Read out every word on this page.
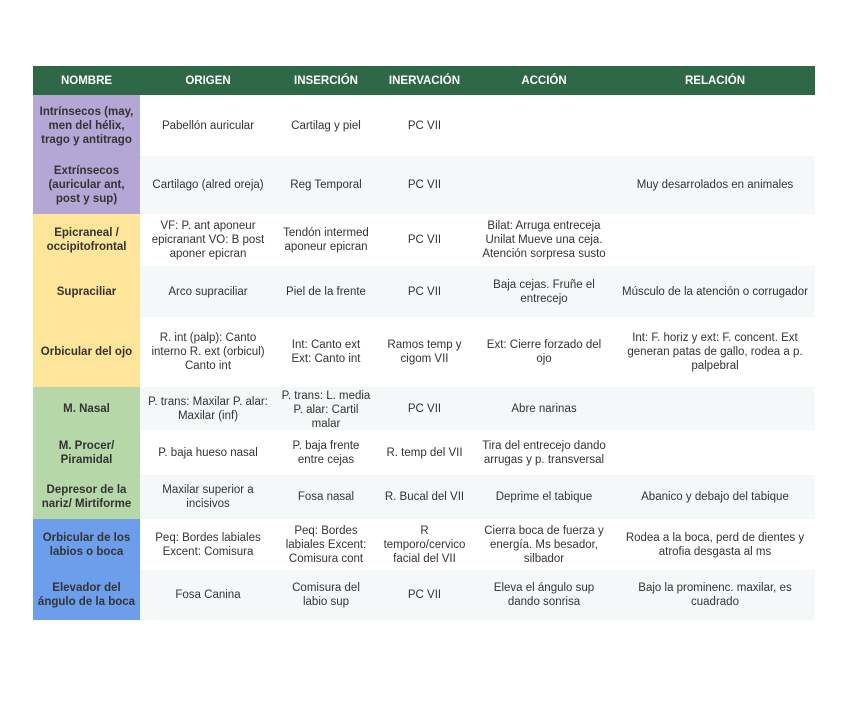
NOMBRE	ORIGEN	INSERCIÓN	INERVACIÓN	ACCIÓN	RELACIÓN

Intrínsecos (may, men del hélix, trago y antitrago	Pabellón auricular	Cartilag y piel	PC VII		

Extrínsecos (auricular ant, post y sup)	Cartilago (alred oreja)	Reg Temporal	PC VII		Muy desarrolados en animales

Epicraneal / occipitofrontal	VF: P. ant aponeur epicranant VO: B post aponer epicran	Tendón intermed aponeur epicran	PC VII	Bilat: Arruga entreceja Unilat Mueve una ceja. Atención sorpresa susto	

Supraciliar	Arco supraciliar	Piel de la frente	PC VII	Baja cejas. Fruñe el entrecejo	Músculo de la atención o corrugador

Orbicular del ojo	R. int (palp): Canto interno R. ext (orbicul) Canto int	Int: Canto ext Ext: Canto int	Ramos temp y cigom VII	Ext: Cierre forzado del ojo	Int: F. horiz y ext: F. concent. Ext generan patas de gallo, rodea a p. palpebral

M. Nasal	P. trans: Maxilar P. alar: Maxilar (inf)	P. trans: L. media P. alar: Cartil malar	PC VII	Abre narinas	

M. Procer/ Piramidal	P. baja hueso nasal	P. baja frente entre cejas	R. temp del VII	Tira del entrecejo dando arrugas y p. transversal	

Depresor de la nariz/ Mirtiforme	Maxilar superior a incisivos	Fosa nasal	R. Bucal del VII	Deprime el tabique	Abanico y debajo del tabique

Orbicular de los labios o boca	Peq: Bordes labiales Excent: Comisura	Peq: Bordes labiales Excent: Comisura cont	R temporo/cervico facial del VII	Cierra boca de fuerza y energía. Ms besador, silbador	Rodea a la boca, perd de dientes y atrofia desgasta al ms

Elevador del ángulo de la boca	Fosa Canina	Comisura del labio sup	PC VII	Eleva el ángulo sup dando sonrisa	Bajo la prominenc. maxilar, es cuadrado
